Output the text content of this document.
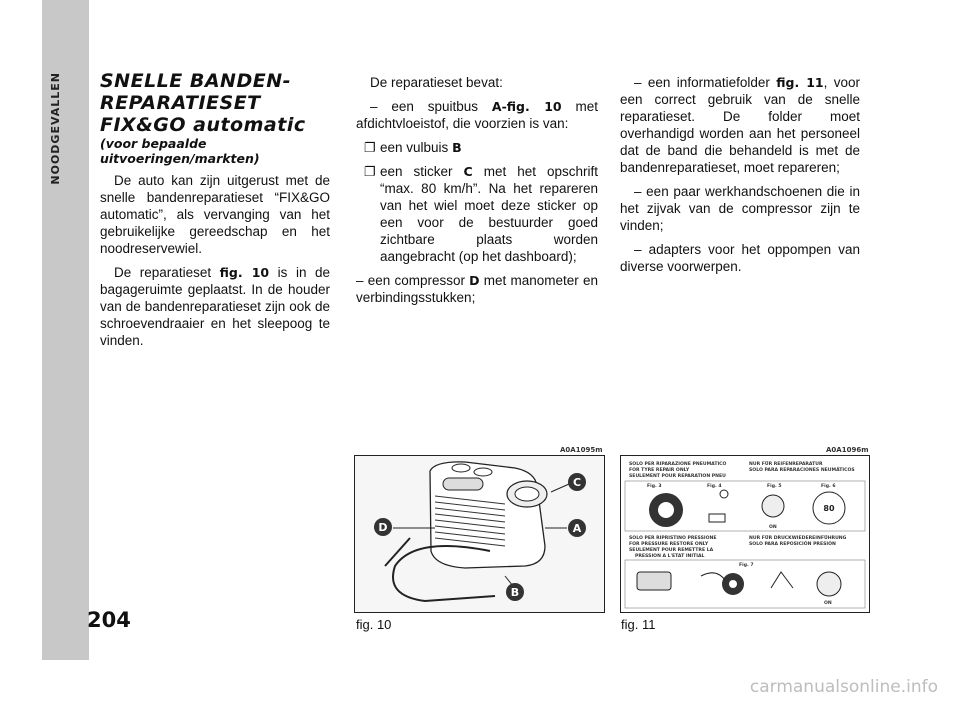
NOODGEVALLEN
204
SNELLE BANDEN-
REPARATIESET
FIX&GO automatic
(voor bepaalde uitvoeringen/markten)

De auto kan zijn uitgerust met de snelle bandenreparatieset “FIX&GO automatic”, als vervanging van het gebruikelijke gereedschap en het noodreservewiel.

De reparatieset fig. 10 is in de bagageruimte geplaatst. In de houder van de bandenreparatieset zijn ook de schroevendraaier en het sleepoog te vinden.

De reparatieset bevat:

– een spuitbus A-fig. 10 met afdichtvloeistof, die voorzien is van:

❐ een vulbuis B

❐ een sticker C met het opschrift “max. 80 km/h”. Na het repareren van het wiel moet deze sticker op een voor de bestuurder goed zichtbare plaats worden aangebracht (op het dashboard);

– een compressor D met manometer en verbindingsstukken;

– een informatiefolder fig. 11, voor een correct gebruik van de snelle reparatieset. De folder moet overhandigd worden aan het personeel dat de band die behandeld is met de bandenreparatieset, moet repareren;

– een paar werkhandschoenen die in het zijvak van de compressor zijn te vinden;

– adapters voor het oppompen van diverse voorwerpen.

A0A1095m
C
A
D
B
fig. 10
A0A1096m
SOLO PER RIPARAZIONE PNEUMATICO
FOR TYRE REPAIR ONLY
SEULEMENT POUR REPARATION PNEU
NUR FÜR REIFENREPARATUR
SOLO PARA REPARACIONES NEUMÁTICOS
Fig. 3	Fig. 4	Fig. 5	Fig. 6
ON
80
SOLO PER RIPRISTINO PRESSIONE
FOR PRESSURE RESTORE ONLY
SEULEMENT POUR REMETTRE LA
PRESSION A L'ETAT INITIAL
NUR FÜR DRUCKWIEDEREINFÜHRUNG
SOLO PARA REPOSICIÓN PRESIÓN
Fig. 7
ON
fig. 11
carmanualsonline.info
